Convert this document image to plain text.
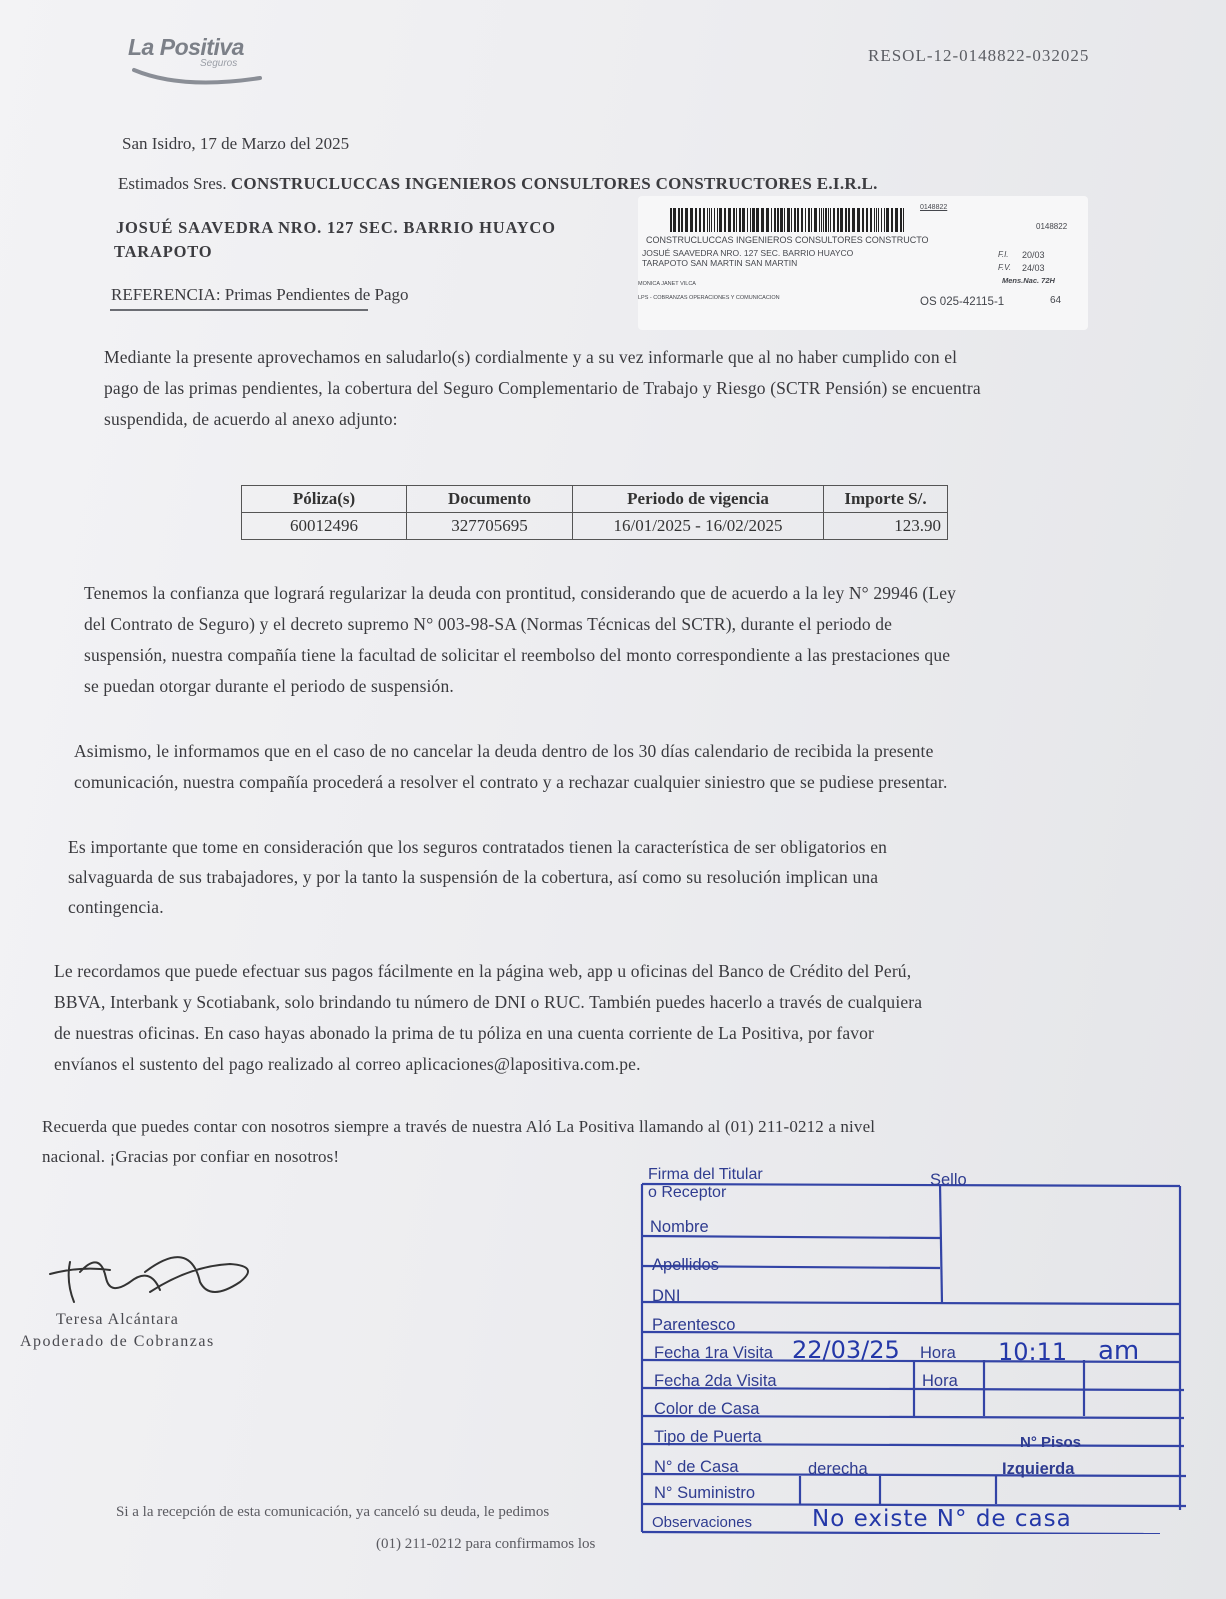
La Positiva
Seguros	RESOL-12-0148822-032025
San Isidro, 17 de Marzo del 2025
Estimados Sres. CONSTRUCLUCCAS INGENIEROS CONSULTORES CONSTRUCTORES E.I.R.L.
JOSUÉ SAAVEDRA NRO. 127 SEC. BARRIO HUAYCO
TARAPOTO
REFERENCIA: Primas Pendientes de Pago
0148822
0148822
CONSTRUCLUCCAS INGENIEROS CONSULTORES CONSTRUCTO
JOSUÉ SAAVEDRA NRO. 127 SEC. BARRIO HUAYCO
TARAPOTO SAN MARTIN SAN MARTIN
F.I. 20/03
F.V. 24/03
Mens.Nac. 72H
MONICA JANET VILCA
LPS - COBRANZAS OPERACIONES Y COMUNICACION	OS 025-42115-1	64
Mediante la presente aprovechamos en saludarlo(s) cordialmente y a su vez informarle que al no haber cumplido con el
pago de las primas pendientes, la cobertura del Seguro Complementario de Trabajo y Riesgo (SCTR Pensión) se encuentra
suspendida, de acuerdo al anexo adjunto:
Póliza(s)	Documento	Periodo de vigencia	Importe S/.
60012496	327705695	16/01/2025 - 16/02/2025	123.90
Tenemos la confianza que logrará regularizar la deuda con prontitud, considerando que de acuerdo a la ley N° 29946 (Ley
del Contrato de Seguro) y el decreto supremo N° 003-98-SA (Normas Técnicas del SCTR), durante el periodo de
suspensión, nuestra compañía tiene la facultad de solicitar el reembolso del monto correspondiente a las prestaciones que
se puedan otorgar durante el periodo de suspensión.
Asimismo, le informamos que en el caso de no cancelar la deuda dentro de los 30 días calendario de recibida la presente
comunicación, nuestra compañía procederá a resolver el contrato y a rechazar cualquier siniestro que se pudiese presentar.
Es importante que tome en consideración que los seguros contratados tienen la característica de ser obligatorios en
salvaguarda de sus trabajadores, y por la tanto la suspensión de la cobertura, así como su resolución implican una
contingencia.
Le recordamos que puede efectuar sus pagos fácilmente en la página web, app u oficinas del Banco de Crédito del Perú,
BBVA, Interbank y Scotiabank, solo brindando tu número de DNI o RUC. También puedes hacerlo a través de cualquiera
de nuestras oficinas. En caso hayas abonado la prima de tu póliza en una cuenta corriente de La Positiva, por favor
envíanos el sustento del pago realizado al correo aplicaciones@lapositiva.com.pe.
Recuerda que puedes contar con nosotros siempre a través de nuestra Aló La Positiva llamando al (01) 211-0212 a nivel
nacional. ¡Gracias por confiar en nosotros!
Teresa Alcántara
Apoderado de Cobranzas
Firma del Titular
o Receptor
Sello
Nombre
Apellidos
DNI
Parentesco
Fecha 1ra Visita 22/03/25 Hora 10:11 am
Fecha 2da Visita	Hora
Color de Casa
Tipo de Puerta	N° Pisos
N° de Casa	derecha	Izquierda
N° Suministro
Observaciones	No existe N° de casa
Si a la recepción de esta comunicación, ya canceló su deuda, le pedimos
(01) 211-0212 para confirmamos los
